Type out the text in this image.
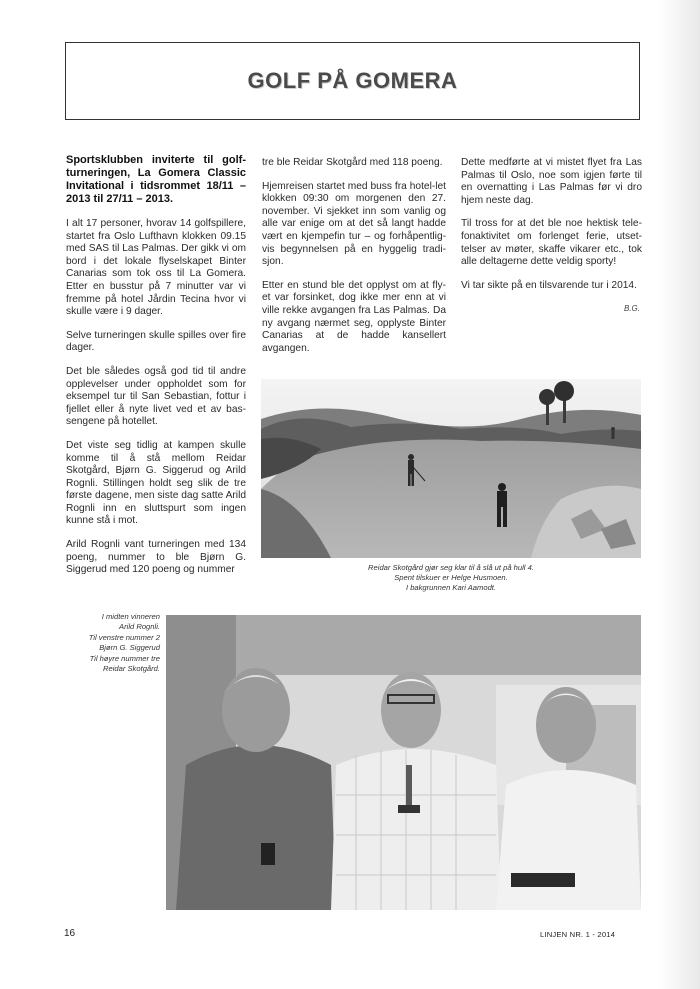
GOLF PÅ GOMERA

Sportsklubben inviterte til golf-turneringen, La Gomera Classic Invitational i tidsrommet 18/11 –2013 til 27/11 – 2013.

I alt 17 personer, hvorav 14 golfspillere, startet fra Oslo Lufthavn klokken 09.15 med SAS til Las Palmas. Der gikk vi om bord i det lokale flyselskapet Binter Canarias som tok oss til La Gomera. Etter en busstur på 7 minutter var vi fremme på hotel Jårdin Tecina hvor vi skulle være i 9 dager.

Selve turneringen skulle spilles over fire dager.

Det ble således også god tid til andre opplevelser under oppholdet som for eksempel tur til San Sebastian, fottur i fjellet eller å nyte livet ved et av bas-sengene på hotellet.

Det viste seg tidlig at kampen skulle komme til å stå mellom Reidar Skotgård, Bjørn G. Siggerud og Arild Rognli. Stillingen holdt seg slik de tre første dagene, men siste dag satte Arild Rognli inn en sluttspurt som ingen kunne stå i mot.

Arild Rognli vant turneringen med 134 poeng, nummer to ble Bjørn G. Siggerud med 120 poeng og nummer

tre ble Reidar Skotgård med 118 poeng.

Hjemreisen startet med buss fra hotel-let klokken 09:30 om morgenen den 27. november. Vi sjekket inn som vanlig og alle var enige om at det så langt hadde vært en kjempefin tur – og forhåpentlig-vis begynnelsen på en hyggelig tradi-sjon.

Etter en stund ble det opplyst om at fly-et var forsinket, dog ikke mer enn at vi ville rekke avgangen fra Las Palmas. Da ny avgang nærmet seg, opplyste Binter Canarias at de hadde kansellert avgangen.

Dette medførte at vi mistet flyet fra Las Palmas til Oslo, noe som igjen førte til en overnatting i Las Palmas før vi dro hjem neste dag.

Til tross for at det ble noe hektisk tele-fonaktivitet om forlenget ferie, utset-telser av møter, skaffe vikarer etc., tok alle deltagerne dette veldig sporty!

Vi tar sikte på en tilsvarende tur i 2014.

B.G.

Reidar Skotgård gjør seg klar til å slå ut på hull 4.
Spent tilskuer er Helge Husmoen.
I bakgrunnen Kari Aamodt.
I midten vinneren
Arild Rognli.
Til venstre nummer 2
Bjørn G. Siggerud
Til høyre nummer tre
Reidar Skotgård.
16	LINJEN NR. 1 - 2014
